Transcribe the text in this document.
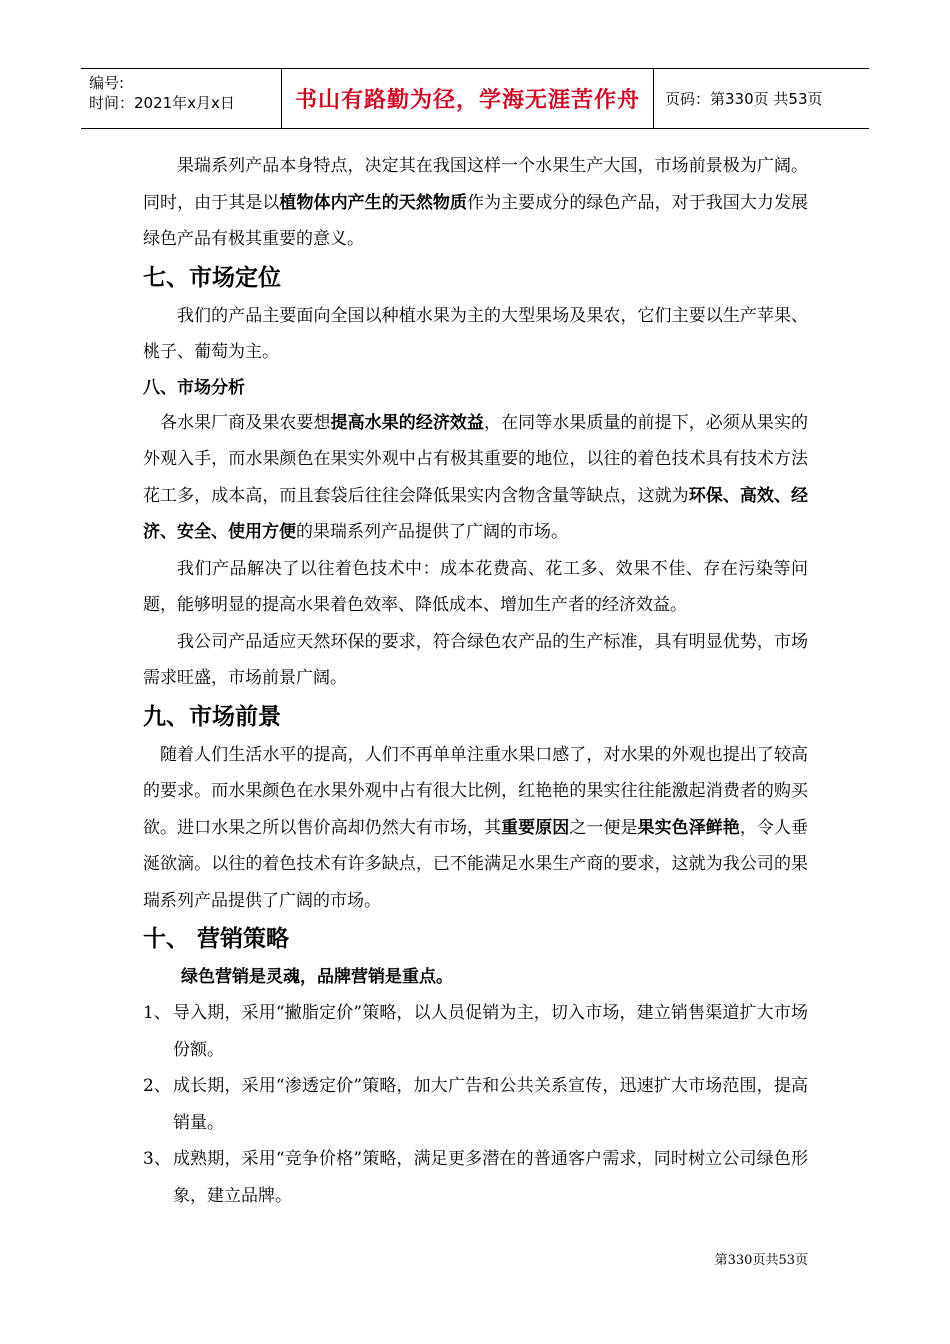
编号:
时间：2021年x月x日	书山有路勤为径，学海无涯苦作舟 页码：第330页 共53页

果瑞系列产品本身特点，决定其在我国这样一个水果生产大国，市场前景极为广阔。同时，由于其是以植物体内产生的天然物质作为主要成分的绿色产品，对于我国大力发展绿色产品有极其重要的意义。

七、市场定位

我们的产品主要面向全国以种植水果为主的大型果场及果农，它们主要以生产苹果、桃子、葡萄为主。

八、市场分析

各水果厂商及果农要想提高水果的经济效益，在同等水果质量的前提下，必须从果实的外观入手，而水果颜色在果实外观中占有极其重要的地位，以往的着色技术具有技术方法花工多，成本高，而且套袋后往往会降低果实内含物含量等缺点，这就为环保、高效、经济、安全、使用方便的果瑞系列产品提供了广阔的市场。

我们产品解决了以往着色技术中：成本花费高、花工多、效果不佳、存在污染等问题，能够明显的提高水果着色效率、降低成本、增加生产者的经济效益。

我公司产品适应天然环保的要求，符合绿色农产品的生产标准，具有明显优势，市场需求旺盛，市场前景广阔。

九、市场前景

随着人们生活水平的提高，人们不再单单注重水果口感了，对水果的外观也提出了较高的要求。而水果颜色在水果外观中占有很大比例，红艳艳的果实往往能激起消费者的购买欲。进口水果之所以售价高却仍然大有市场，其重要原因之一便是果实色泽鲜艳，令人垂涎欲滴。以往的着色技术有许多缺点，已不能满足水果生产商的要求，这就为我公司的果瑞系列产品提供了广阔的市场。

十、 营销策略
绿色营销是灵魂，品牌营销是重点。
1、 导入期，采用“撇脂定价”策略，以人员促销为主，切入市场，建立销售渠道扩大市场份额。
2、 成长期，采用“渗透定价”策略，加大广告和公共关系宣传，迅速扩大市场范围，提高销量。
3、 成熟期，采用“竞争价格”策略，满足更多潜在的普通客户需求，同时树立公司绿色形象，建立品牌。
第330页共53页
